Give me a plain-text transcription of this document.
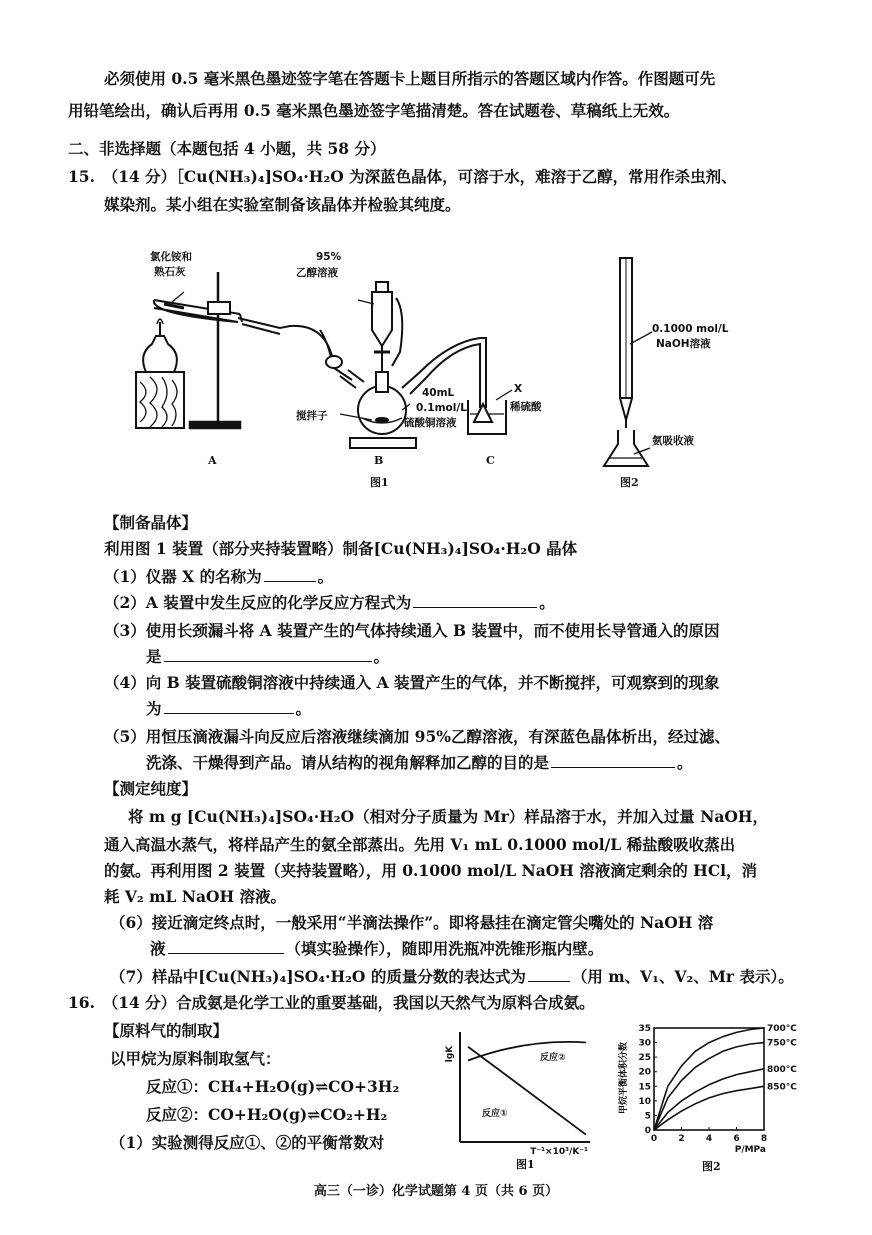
必须使用 0.5 毫米黑色墨迹签字笔在答题卡上题目所指示的答题区域内作答。作图题可先
用铅笔绘出，确认后再用 0.5 毫米黑色墨迹签字笔描清楚。答在试题卷、草稿纸上无效。
二、非选择题（本题包括 4 小题，共 58 分）
15.　（14 分）［Cu(NH₃)₄]SO₄·H₂O 为深蓝色晶体，可溶于水，难溶于乙醇，常用作杀虫剂、
媒染剂。某小组在实验室制备该晶体并检验其纯度。
氯化铵和
熟石灰
95%
乙醇溶液
40mL
0.1mol/L
硫酸铜溶液
搅拌子
X
稀硫酸
A	B	C
图1
0.1000 mol/L
NaOH溶液
氨吸收液
图2
【制备晶体】
利用图 1 装置（部分夹持装置略）制备[Cu(NH₃)₄]SO₄·H₂O 晶体
（1）仪器 X 的名称为	。
（2）A 装置中发生反应的化学反应方程式为	。
（3）使用长颈漏斗将 A 装置产生的气体持续通入 B 装置中，而不使用长导管通入的原因
是	。
（4）向 B 装置硫酸铜溶液中持续通入 A 装置产生的气体，并不断搅拌，可观察到的现象
为	。
（5）用恒压滴液漏斗向反应后溶液继续滴加 95%乙醇溶液，有深蓝色晶体析出，经过滤、
洗涤、干燥得到产品。请从结构的视角解释加乙醇的目的是	。
【测定纯度】
将 m g [Cu(NH₃)₄]SO₄·H₂O（相对分子质量为 Mr）样品溶于水，并加入过量 NaOH，
通入高温水蒸气，将样品产生的氨全部蒸出。先用 V₁ mL 0.1000 mol/L 稀盐酸吸收蒸出
的氨。再利用图 2 装置（夹持装置略），用 0.1000 mol/L NaOH 溶液滴定剩余的 HCl，消
耗 V₂ mL NaOH 溶液。
（6）接近滴定终点时，一般采用“半滴法操作”。即将悬挂在滴定管尖嘴处的 NaOH 溶
液	（填实验操作），随即用洗瓶冲洗锥形瓶内壁。
（7）样品中[Cu(NH₃)₄]SO₄·H₂O 的质量分数的表达式为	（用 m、V₁、V₂、Mr 表示）。
16.　（14 分）合成氨是化学工业的重要基础，我国以天然气为原料合成氨。
【原料气的制取】
以甲烷为原料制取氢气：
反应①：CH₄+H₂O(g)⇌CO+3H₂
反应②：CO+H₂O(g)⇌CO₂+H₂
（1）实验测得反应①、②的平衡常数对
lgK
T⁻¹×10³/K⁻¹
反应②
反应①
图1
0
5
10
15
20
25
30
35
0 2 4 6 8
700°C
750°C
800°C
850°C
甲烷平衡体积分数
P/MPa
图2
高三（一诊）化学试题第 4 页（共 6 页）
